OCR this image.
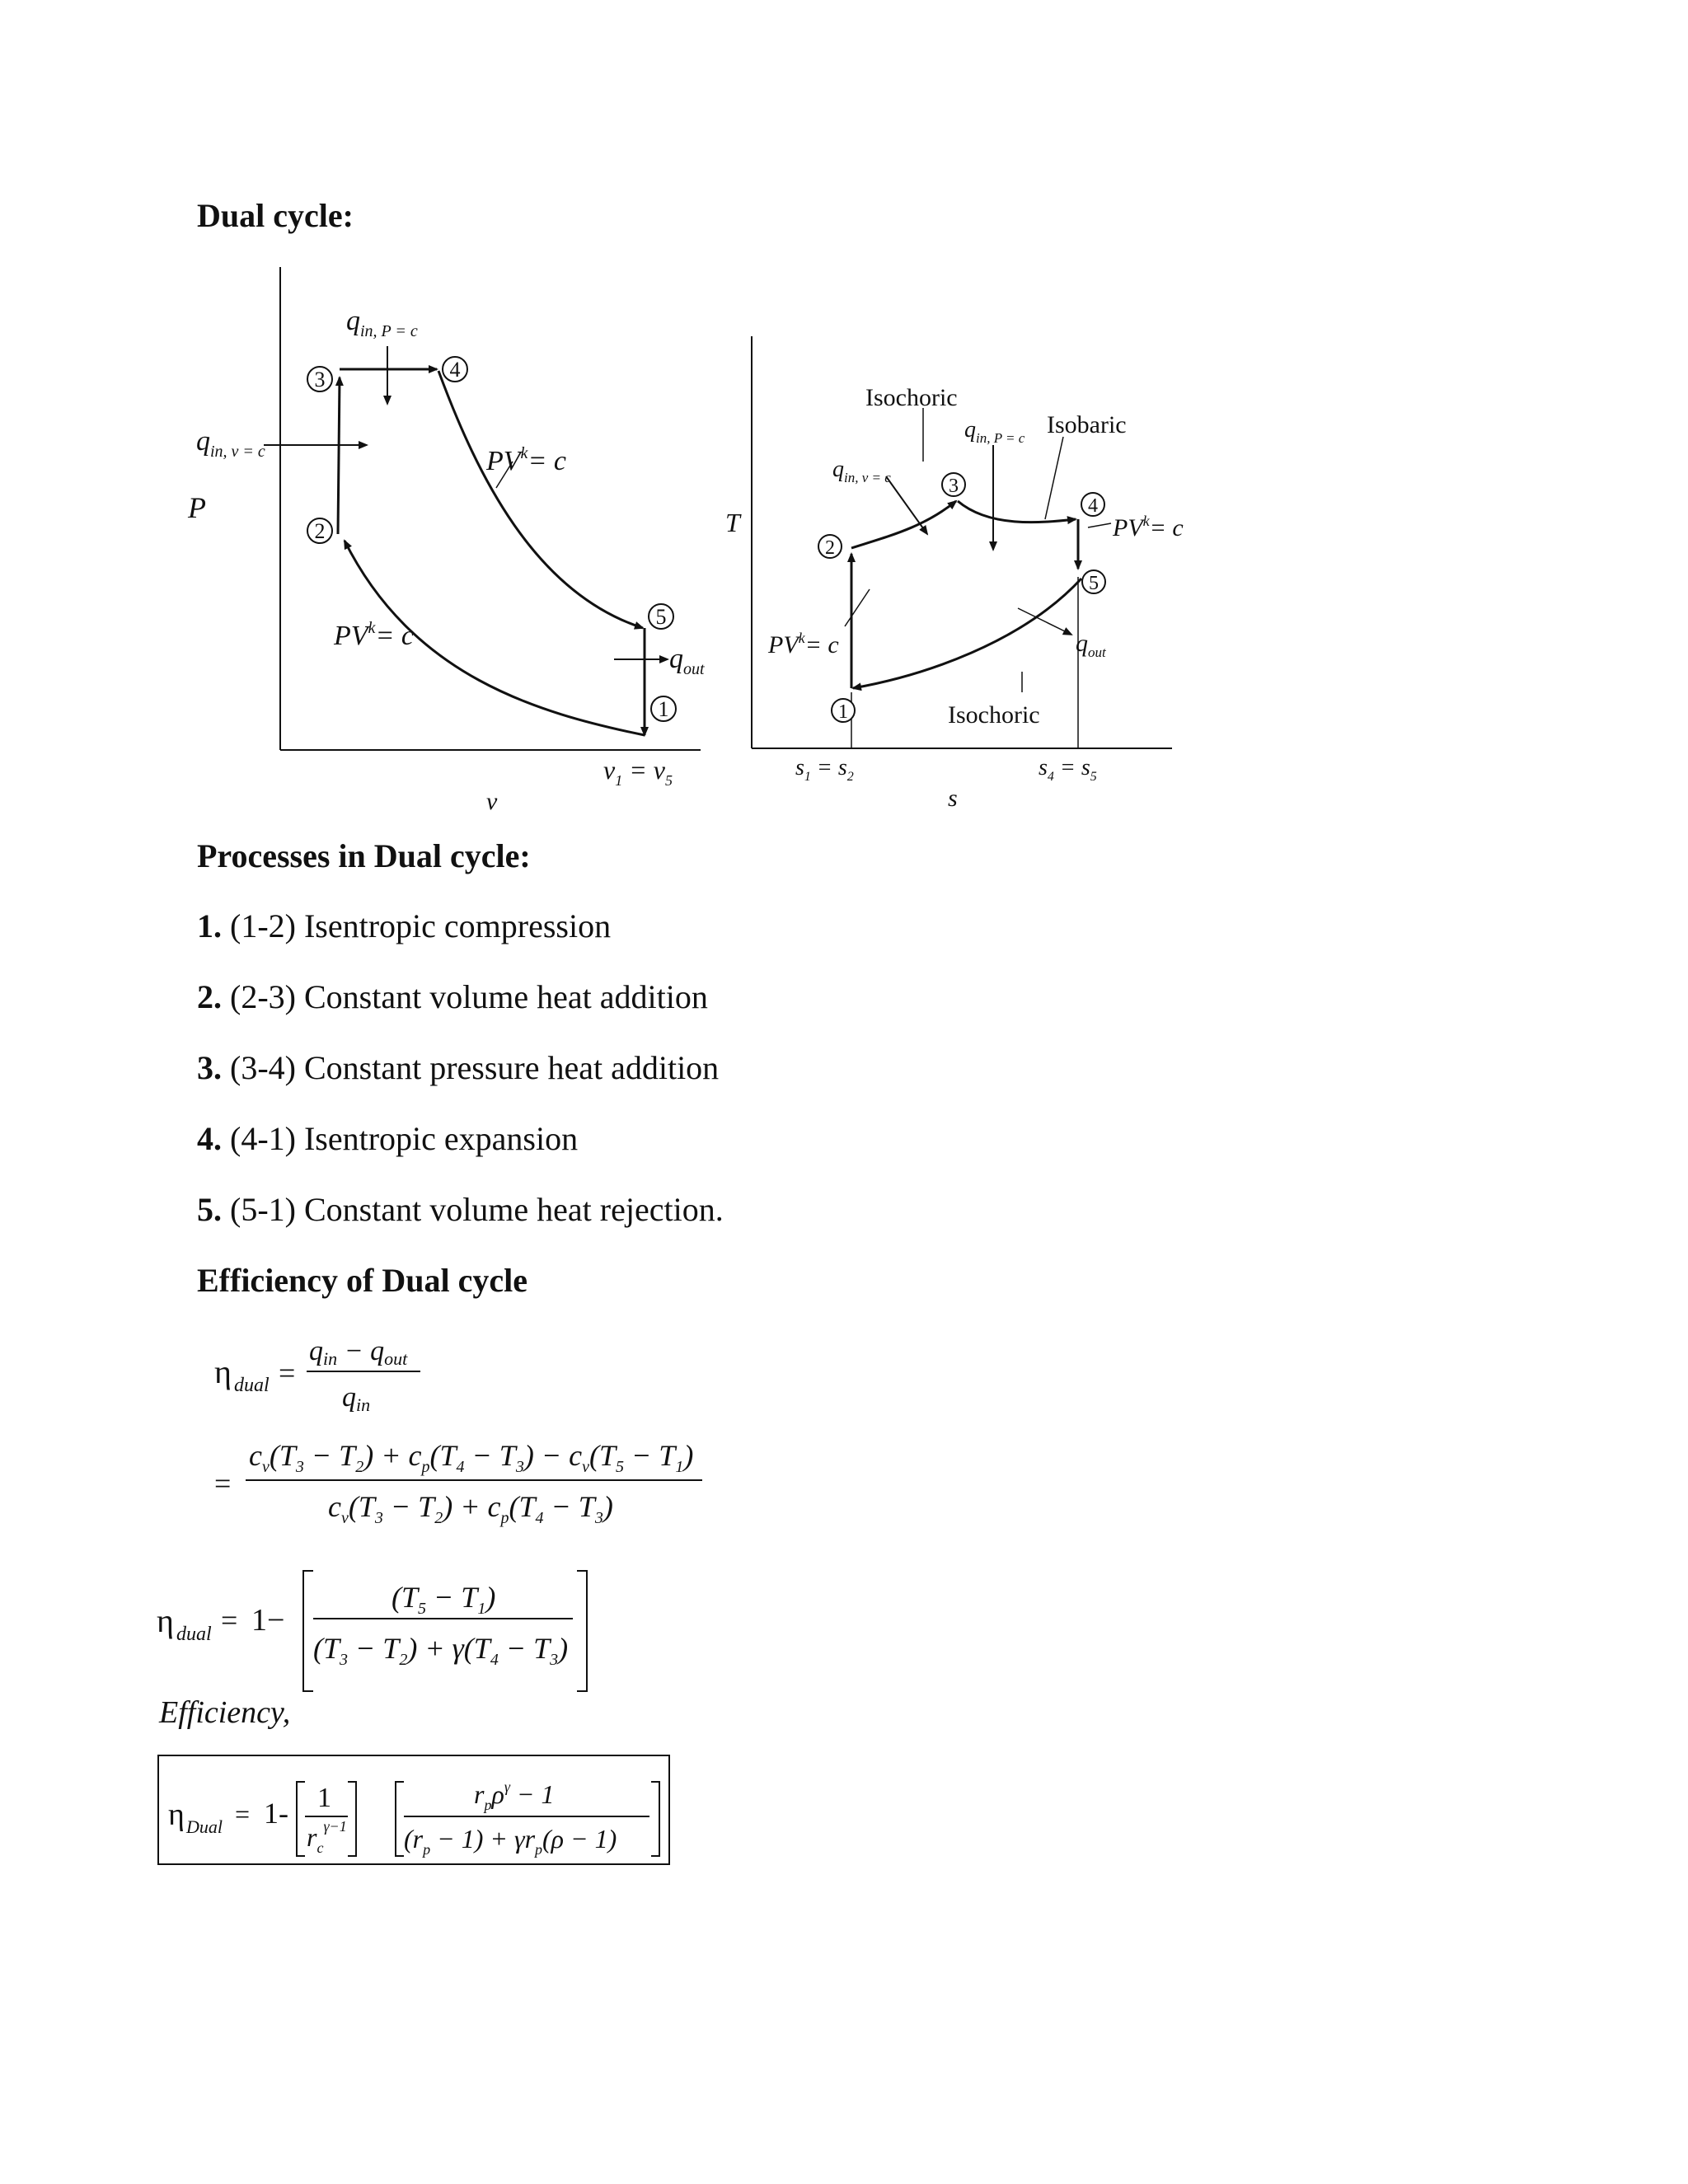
Dual cycle:
1
2
3	4
5
$q_{in, P = c}$
$q_{in, v = c}$
P
v
$PV^k= c$
$PV^k= c$
$q_{out}$
$v_1 = v_5$
1
2
3
4
5
T
s
Isochoric
Isobaric
Isochoric
$q_{in, v = c}$
$q_{in, P = c}$
$PV^k= c$
$PV^k= c$	$q_{out}$
$s_1 = s_2$	$s_4 = s_5$
Processes in Dual cycle:
1. (1-2) Isentropic compression
2. (2-3) Constant volume heat addition
3. (3-4) Constant pressure heat addition
4. (4-1) Isentropic expansion
5. (5-1) Constant volume heat rejection.
Efficiency of Dual cycle
η dual =
qin − qout
qin
=
$c_v(T_3 - T_2) + c_p(T_4 - T_3) - c_v(T_5 - T_1)$
$c_v(T_3 - T_2) + c_p(T_4 - T_3)$
η dual = 1−
$(T_5 - T_1)$
$(T_3 - T_2) + \gamma(T_4 - T_3)$
Efficiency,
η Dual = 1- 1
$r_c^{\gamma-1}$
$r_p\rho^\gamma - 1$
$(r_p - 1) + \gamma r_p(\rho - 1)$
